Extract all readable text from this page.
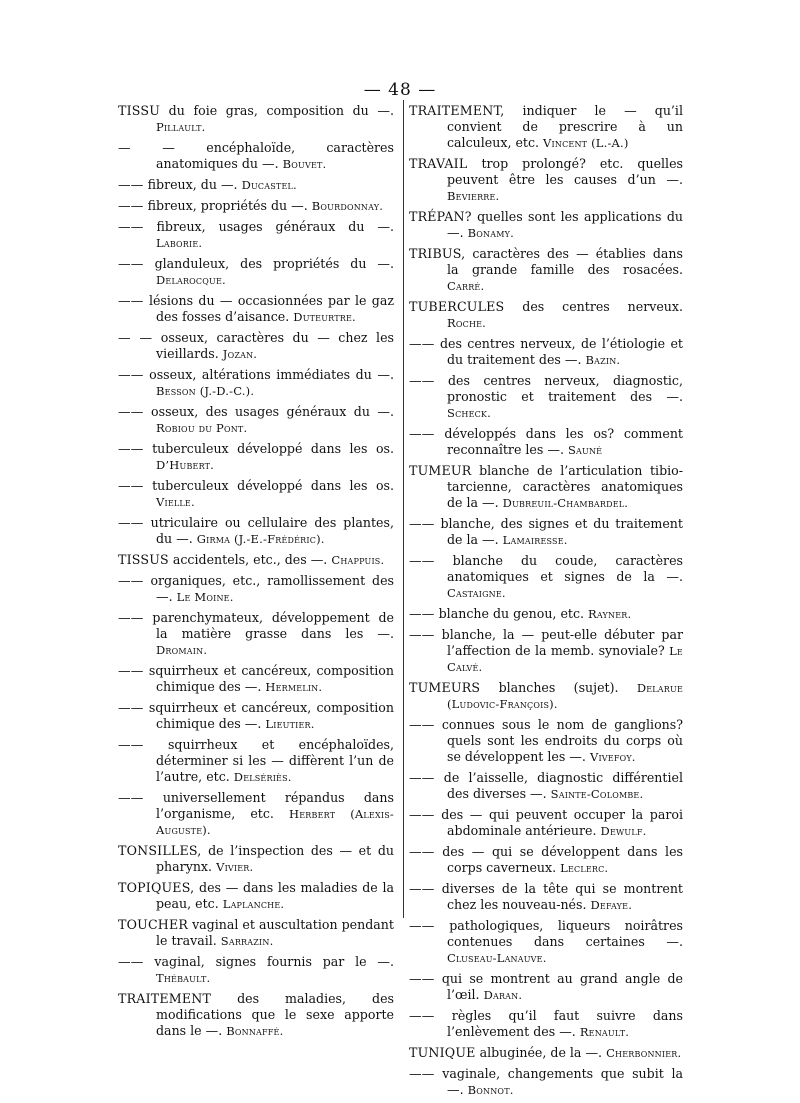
— 48 —
TISSU du foie gras, composition du —. Pillault.
— — encéphaloïde, caractères anatomiques du —. Bouvet.
—— fibreux, du —. Ducastel.
—— fibreux, propriétés du —. Bourdonnay.
—— fibreux, usages généraux du —. Laborie.
—— glanduleux, des propriétés du —. Delarocque.
—— lésions du — occasionnées par le gaz des fosses d’aisance. Duteurtre.
— — osseux, caractères du — chez les vieillards. Jozan.
—— osseux, altérations immédiates du —. Besson (J.-D.-C.).
—— osseux, des usages généraux du —. Robiou du Pont.
—— tuberculeux développé dans les os. D’Hubert.
—— tuberculeux développé dans les os. Vielle.
—— utriculaire ou cellulaire des plantes, du —. Girma (J.-E.-Frédéric).
TISSUS accidentels, etc., des —. Chappuis.
—— organiques, etc., ramollissement des —. Le Moine.
—— parenchymateux, développement de la matière grasse dans les —. Dromain.
—— squirrheux et cancéreux, composition chimique des —. Hermelin.
—— squirrheux et cancéreux, composition chimique des —. Lieutier.
—— squirrheux et encéphaloïdes, déterminer si les — diffèrent l’un de l’autre, etc. Delsériès.
—— universellement répandus dans l’organisme, etc. Herbert (Alexis-Auguste).
TONSILLES, de l’inspection des — et du pharynx. Vivier.
TOPIQUES, des — dans les maladies de la peau, etc. Laplanche.
TOUCHER vaginal et auscultation pendant le travail. Sarrazin.
—— vaginal, signes fournis par le —. Thébault.
TRAITEMENT des maladies, des modifications que le sexe apporte dans le —. Bonnaffé.
TRAITEMENT, indiquer le — qu’il convient de prescrire à un calculeux, etc. Vincent (L.-A.)
TRAVAIL trop prolongé? etc. quelles peuvent être les causes d’un —. Bevierre.
TRÉPAN? quelles sont les applications du —. Bonamy.
TRIBUS, caractères des — établies dans la grande famille des rosacées. Carré.
TUBERCULES des centres nerveux. Roche.
—— des centres nerveux, de l’étiologie et du traitement des —. Bazin.
—— des centres nerveux, diagnostic, pronostic et traitement des —. Scheck.
—— développés dans les os? comment reconnaître les —. Sauné
TUMEUR blanche de l’articulation tibio-tarcienne, caractères anatomiques de la —. Dubreuil-Chambardel.
—— blanche, des signes et du traitement de la —. Lamairesse.
—— blanche du coude, caractères anatomiques et signes de la —. Castaigne.
—— blanche du genou, etc. Rayner.
—— blanche, la — peut-elle débuter par l’affection de la memb. synoviale? Le Calvé.
TUMEURS blanches (sujet). Delarue (Ludovic-François).
—— connues sous le nom de ganglions? quels sont les endroits du corps où se développent les —. Vivefoy.
—— de l’aisselle, diagnostic différentiel des diverses —. Sainte-Colombe.
—— des — qui peuvent occuper la paroi abdominale antérieure. Dewulf.
—— des — qui se développent dans les corps caverneux. Leclerc.
—— diverses de la tête qui se montrent chez les nouveau-nés. Defaye.
—— pathologiques, liqueurs noirâtres contenues dans certaines —. Cluseau-Lanauve.
—— qui se montrent au grand angle de l’œil. Daran.
—— règles qu’il faut suivre dans l’enlèvement des —. Renault.
TUNIQUE albuginée, de la —. Cherbonnier.
—— vaginale, changements que subit la —. Bonnot.
